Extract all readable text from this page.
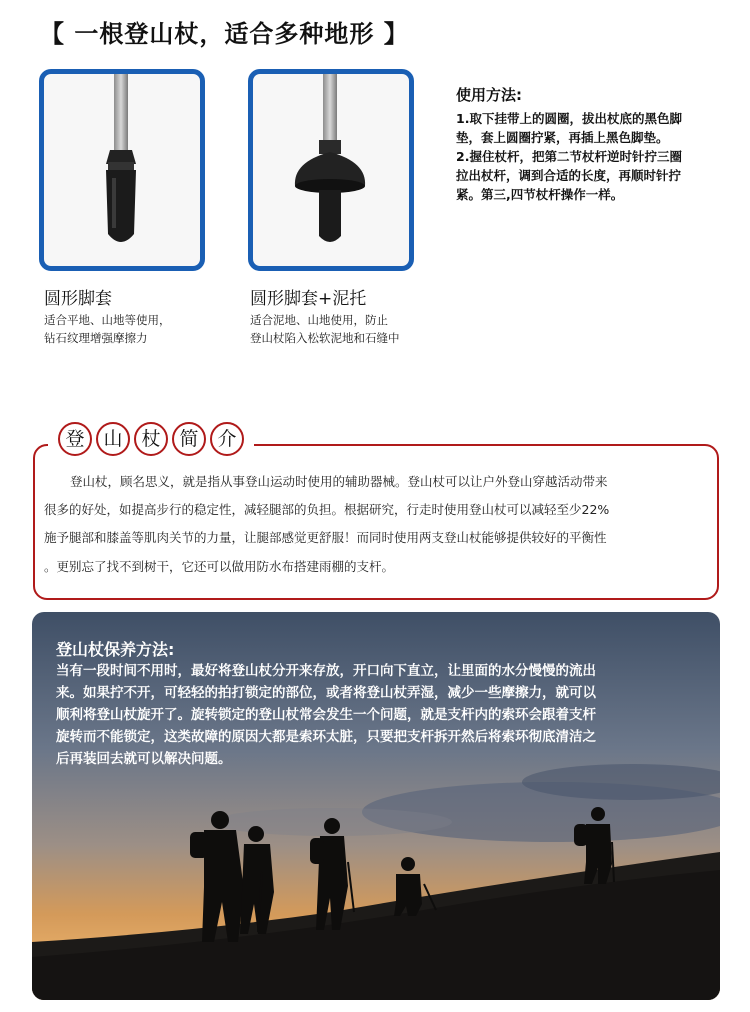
【 一根登山杖，适合多种地形 】
圆形脚套
适合平地、山地等使用，
钻石纹理增强摩擦力
圆形脚套+泥托
适合泥地、山地使用，防止
登山杖陷入松软泥地和石缝中
使用方法:
1.取下挂带上的圆圈，拔出杖底的黑色脚
垫，套上圆圈拧紧，再插上黑色脚垫。
2.握住杖杆，把第二节杖杆逆时针拧三圈
拉出杖杆，调到合适的长度，再顺时针拧
紧。第三,四节杖杆操作一样。
登 山 杖 简 介
登山杖，顾名思义，就是指从事登山运动时使用的辅助器械。登山杖可以让户外登山穿越活动带来
很多的好处，如提高步行的稳定性，减轻腿部的负担。根据研究，行走时使用登山杖可以减轻至少22%
施予腿部和膝盖等肌肉关节的力量，让腿部感觉更舒服！而同时使用两支登山杖能够提供较好的平衡性
。更别忘了找不到树干，它还可以做用防水布搭建雨棚的支杆。
登山杖保养方法:
当有一段时间不用时，最好将登山杖分开来存放，开口向下直立，让里面的水分慢慢的流出
来。如果拧不开，可轻轻的拍打锁定的部位，或者将登山杖弄湿，减少一些摩擦力，就可以
顺利将登山杖旋开了。旋转锁定的登山杖常会发生一个问题，就是支杆内的索环会跟着支杆
旋转而不能锁定，这类故障的原因大都是索环太脏，只要把支杆拆开然后将索环彻底清洁之
后再装回去就可以解决问题。
